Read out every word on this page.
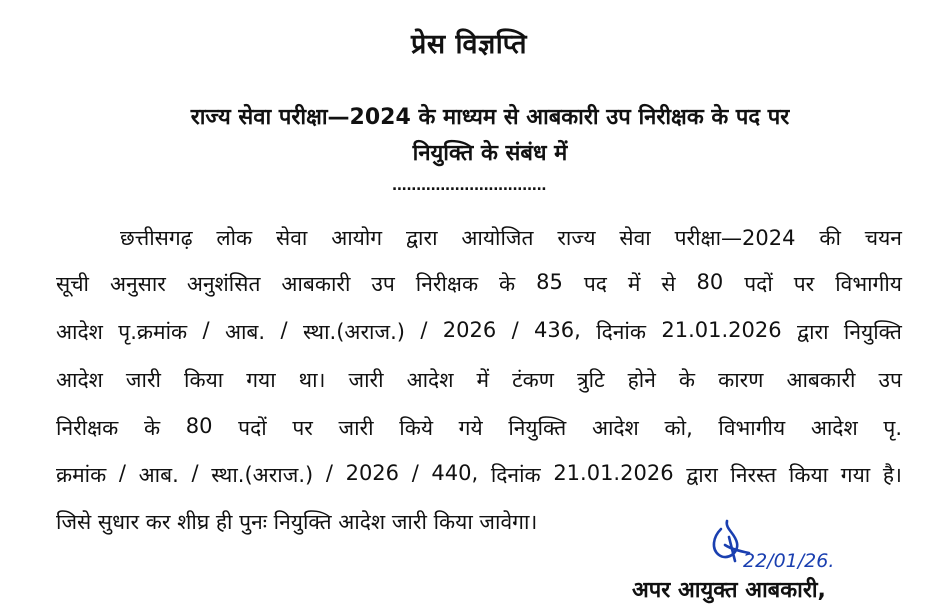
प्रेस विज्ञप्ति
राज्य सेवा परीक्षा—2024 के माध्यम से आबकारी उप निरीक्षक के पद पर
नियुक्ति के संबंध में
................................
छत्तीसगढ़ लोक सेवा आयोग द्वारा आयोजित राज्य सेवा परीक्षा—2024 की चयन
सूची अनुसार अनुशंसित आबकारी उप निरीक्षक के 85 पद में से 80 पदों पर विभागीय
आदेश पृ.क्रमांक / आब. / स्था.(अराज.) / 2026 / 436, दिनांक 21.01.2026 द्वारा नियुक्ति
आदेश जारी किया गया था। जारी आदेश में टंकण त्रुटि होने के कारण आबकारी उप
निरीक्षक के 80 पदों पर जारी किये गये नियुक्ति आदेश को, विभागीय आदेश पृ.
क्रमांक / आब. / स्था.(अराज.) / 2026 / 440, दिनांक 21.01.2026 द्वारा निरस्त किया गया है।
जिसे सुधार कर शीघ्र ही पुनः नियुक्ति आदेश जारी किया जावेगा।
22/01/26.
अपर आयुक्त आबकारी,
